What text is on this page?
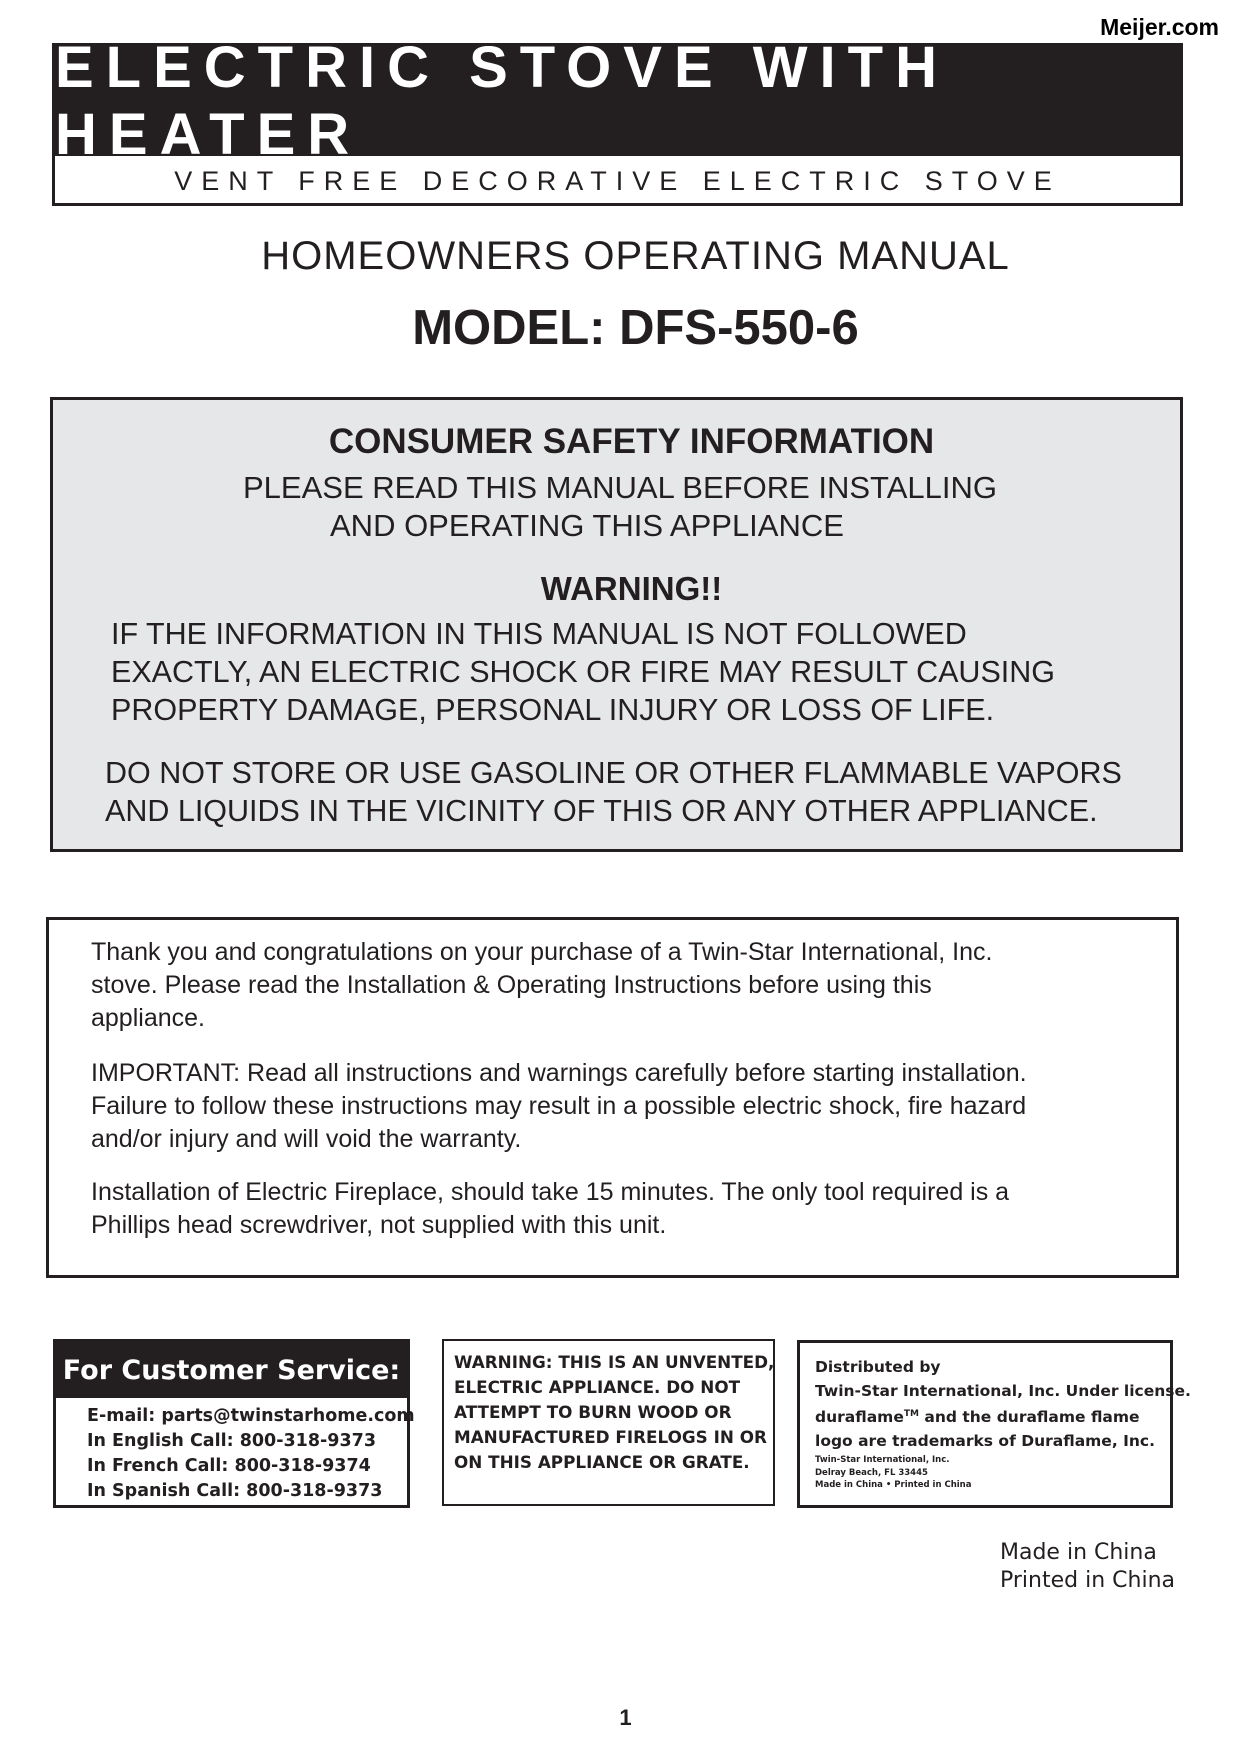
Meijer.com
ELECTRIC STOVE WITH HEATER
VENT FREE DECORATIVE ELECTRIC STOVE
HOMEOWNERS OPERATING MANUAL
MODEL: DFS-550-6
CONSUMER SAFETY INFORMATION
PLEASE READ THIS MANUAL BEFORE INSTALLING
AND OPERATING THIS APPLIANCE
WARNING!!
IF THE INFORMATION IN THIS MANUAL IS NOT FOLLOWED
EXACTLY, AN ELECTRIC SHOCK OR FIRE MAY RESULT CAUSING
PROPERTY DAMAGE, PERSONAL INJURY OR LOSS OF LIFE.
DO NOT STORE OR USE GASOLINE OR OTHER FLAMMABLE VAPORS
AND LIQUIDS IN THE VICINITY OF THIS OR ANY OTHER APPLIANCE.
Thank you and congratulations on your purchase of a Twin-Star International, Inc.
stove. Please read the Installation & Operating Instructions before using this
appliance.
IMPORTANT: Read all instructions and warnings carefully before starting installation.
Failure to follow these instructions may result in a possible electric shock, fire hazard
and/or injury and will void the warranty.
Installation of Electric Fireplace, should take 15 minutes. The only tool required is a
Phillips head screwdriver, not supplied with this unit.
For Customer Service:
E-mail: parts@twinstarhome.com
In English Call: 800-318-9373
In French Call: 800-318-9374
In Spanish Call: 800-318-9373
WARNING: THIS IS AN UNVENTED,
ELECTRIC APPLIANCE. DO NOT
ATTEMPT TO BURN WOOD OR
MANUFACTURED FIRELOGS IN OR
ON THIS APPLIANCE OR GRATE.
Distributed by
Twin-Star International, Inc. Under license.
duraflame™ and the duraflame flame
logo are trademarks of Duraflame, Inc.
Twin-Star International, Inc.
Delray Beach, FL 33445
Made in China • Printed in China
Made in China
Printed in China
1
